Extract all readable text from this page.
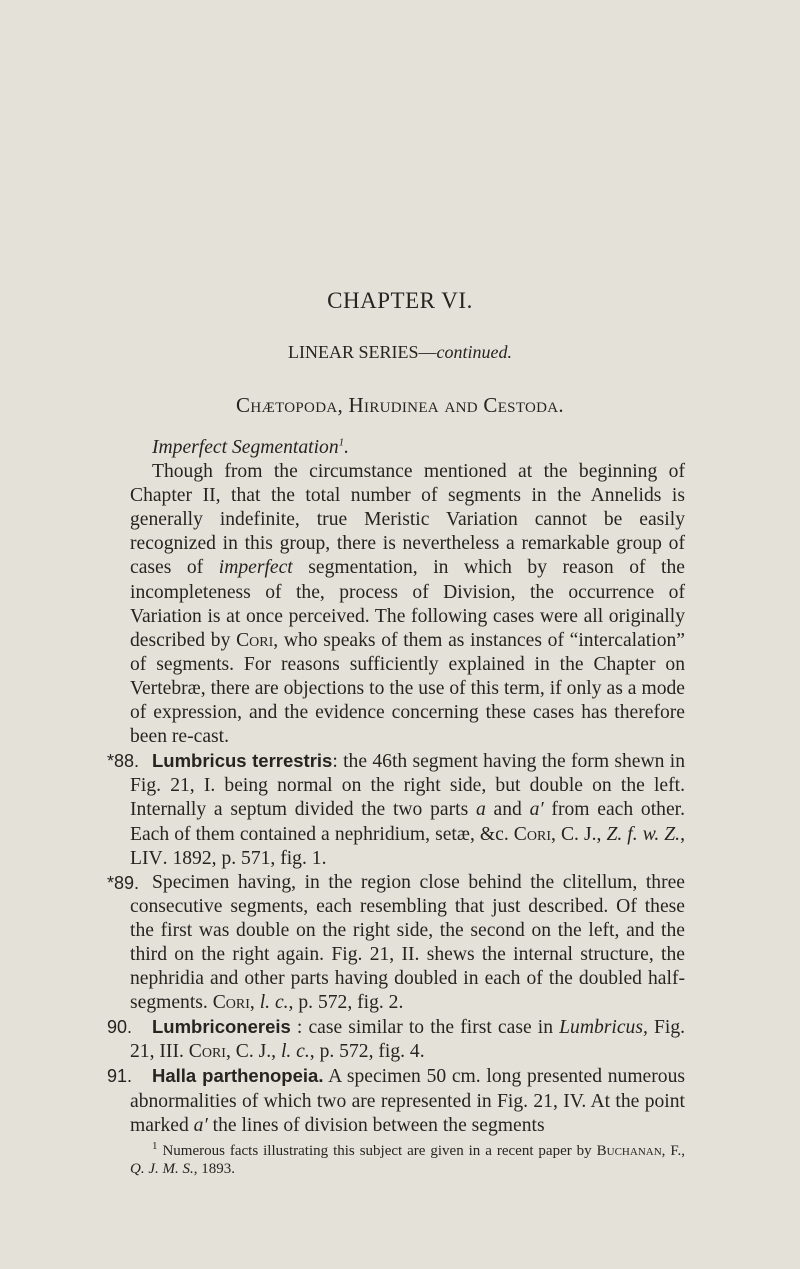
CHAPTER VI.
LINEAR SERIES—continued.
Chætopoda, Hirudinea and Cestoda.

Imperfect Segmentation$^1$.

Though from the circumstance mentioned at the beginning of Chapter II, that the total number of segments in the Annelids is generally indefinite, true Meristic Variation cannot be easily recognized in this group, there is nevertheless a remarkable group of cases of imperfect segmentation, in which by reason of the incompleteness of the, process of Division, the occurrence of Variation is at once perceived. The following cases were all originally described by Cori, who speaks of them as instances of “intercalation” of segments. For reasons sufficiently explained in the Chapter on Vertebræ, there are objections to the use of this term, if only as a mode of expression, and the evidence concerning these cases has therefore been re-cast.

*88. Lumbricus terrestris: the 46th segment having the form shewn in Fig. 21, I. being normal on the right side, but double on the left. Internally a septum divided the two parts a and a′ from each other. Each of them contained a nephridium, setæ, &c. Cori, C. J., Z. f. w. Z., LIV. 1892, p. 571, fig. 1.

*89. Specimen having, in the region close behind the clitellum, three consecutive segments, each resembling that just described. Of these the first was double on the right side, the second on the left, and the third on the right again. Fig. 21, II. shews the internal structure, the nephridia and other parts having doubled in each of the doubled half-segments. Cori, l. c., p. 572, fig. 2.

90. Lumbriconereis : case similar to the first case in Lumbricus, Fig. 21, III. Cori, C. J., l. c., p. 572, fig. 4.

91. Halla parthenopeia. A specimen 50 cm. long presented numerous abnormalities of which two are represented in Fig. 21, IV. At the point marked a′ the lines of division between the segments

$^1$ Numerous facts illustrating this subject are given in a recent paper by Buchanan, F., Q. J. M. S., 1893.
